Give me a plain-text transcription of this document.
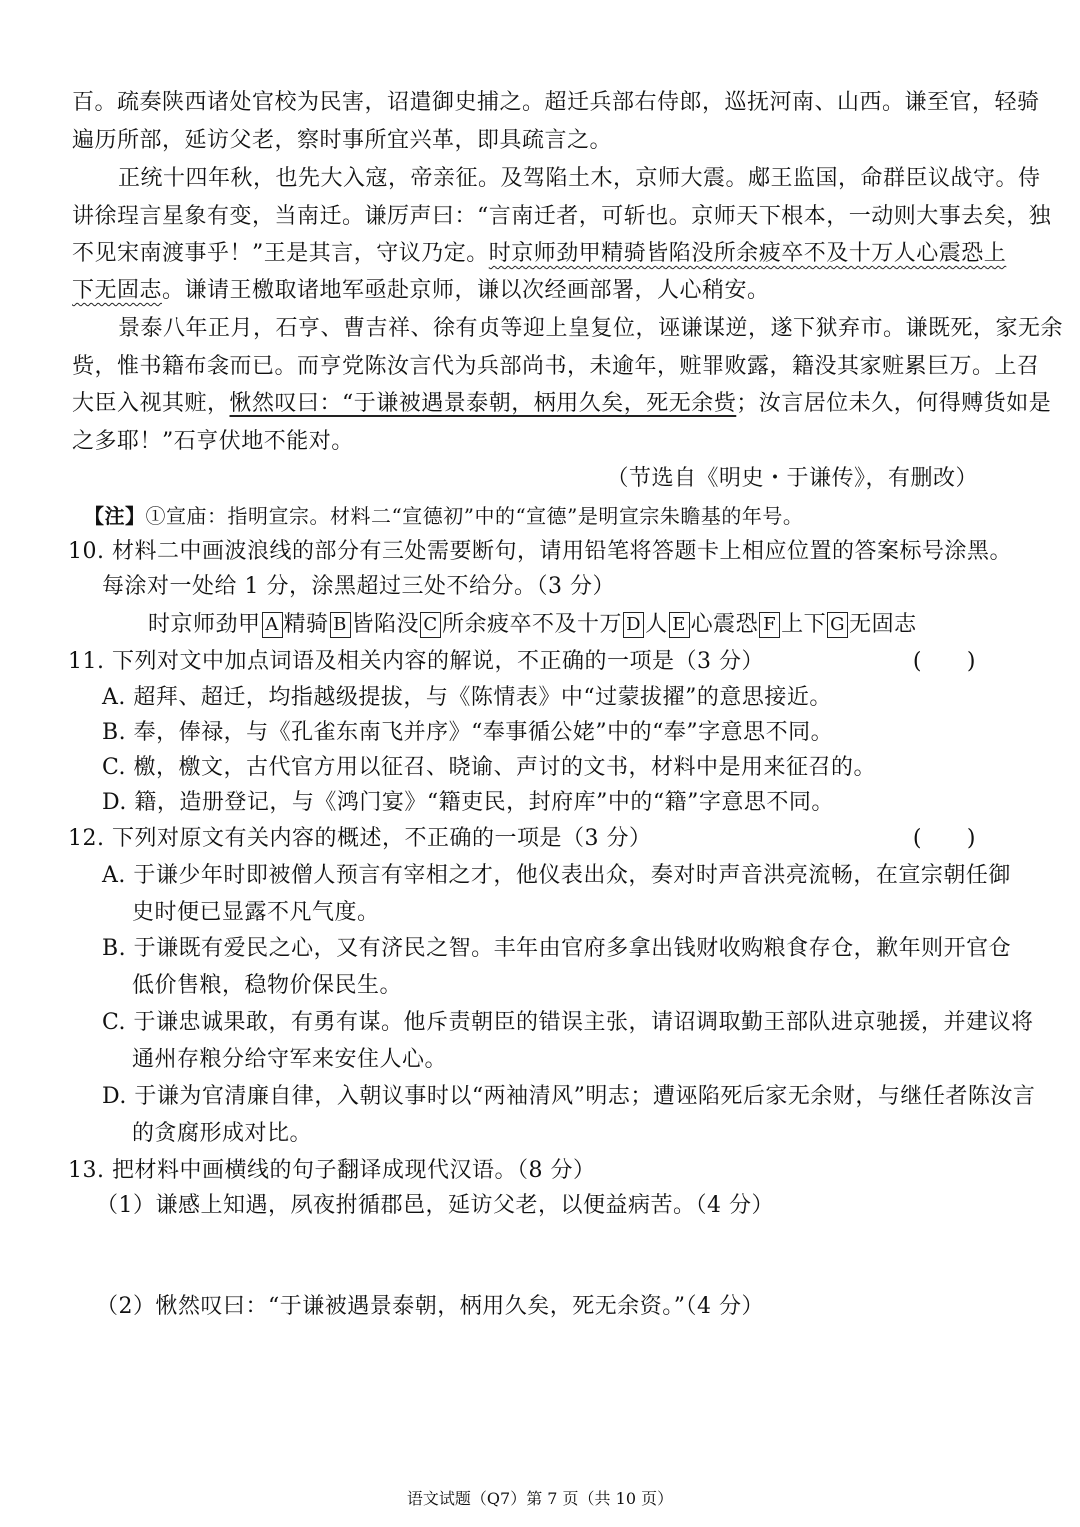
百。疏奏陕西诸处官校为民害，诏遣御史捕之。超迁兵部右侍郎，巡抚河南、山西。谦至官，轻骑
遍历所部，延访父老，察时事所宜兴革，即具疏言之。
正统十四年秋，也先大入寇，帝亲征。及驾陷土木，京师大震。郕王监国，命群臣议战守。侍
讲徐珵言星象有变，当南迁。谦厉声曰：“言南迁者，可斩也。京师天下根本，一动则大事去矣，独
不见宋南渡事乎！”王是其言，守议乃定。时京师劲甲精骑皆陷没所余疲卒不及十万人心震恐上
下无固志。谦请王檄取诸地军亟赴京师，谦以次经画部署，人心稍安。
景泰八年正月，石亨、曹吉祥、徐有贞等迎上皇复位，诬谦谋逆，遂下狱弃市。谦既死，家无余
赀，惟书籍布衾而已。而亨党陈汝言代为兵部尚书，未逾年，赃罪败露，籍没其家赃累巨万。上召
大臣入视其赃，愀然叹曰：“于谦被遇景泰朝，柄用久矣，死无余赀；汝言居位未久，何得赙货如是
之多耶！”石亨伏地不能对。
（节选自《明史・于谦传》，有删改）
【注】①宣庙：指明宣宗。材料二“宣德初”中的“宣德”是明宣宗朱瞻基的年号。
10. 材料二中画波浪线的部分有三处需要断句，请用铅笔将答题卡上相应位置的答案标号涂黑。
每涂对一处给 1 分，涂黑超过三处不给分。（3 分）
时京师劲甲 A 精骑 B 皆陷没 C 所余疲卒不及十万 D 人 E 心震恐 F 上下 G 无固志
11. 下列对文中加点词语及相关内容的解说，不正确的一项是（3 分）	(　　)
A. 超拜、超迁，均指越级提拔，与《陈情表》中“过蒙拔擢”的意思接近。
B. 奉，俸禄，与《孔雀东南飞并序》“奉事循公姥”中的“奉”字意思不同。
C. 檄，檄文，古代官方用以征召、晓谕、声讨的文书，材料中是用来征召的。
D. 籍，造册登记，与《鸿门宴》“籍吏民，封府库”中的“籍”字意思不同。
12. 下列对原文有关内容的概述，不正确的一项是（3 分）	(　　)
A. 于谦少年时即被僧人预言有宰相之才，他仪表出众，奏对时声音洪亮流畅，在宣宗朝任御
史时便已显露不凡气度。
B. 于谦既有爱民之心，又有济民之智。丰年由官府多拿出钱财收购粮食存仓，歉年则开官仓
低价售粮，稳物价保民生。
C. 于谦忠诚果敢，有勇有谋。他斥责朝臣的错误主张，请诏调取勤王部队进京驰援，并建议将
通州存粮分给守军来安住人心。
D. 于谦为官清廉自律，入朝议事时以“两袖清风”明志；遭诬陷死后家无余财，与继任者陈汝言
的贪腐形成对比。
13. 把材料中画横线的句子翻译成现代汉语。（8 分）
（1）谦感上知遇，夙夜拊循郡邑，延访父老，以便益病苦。（4 分）
（2）愀然叹曰：“于谦被遇景泰朝，柄用久矣，死无余资。”（4 分）
语文试题（Q7）第 7 页（共 10 页）
